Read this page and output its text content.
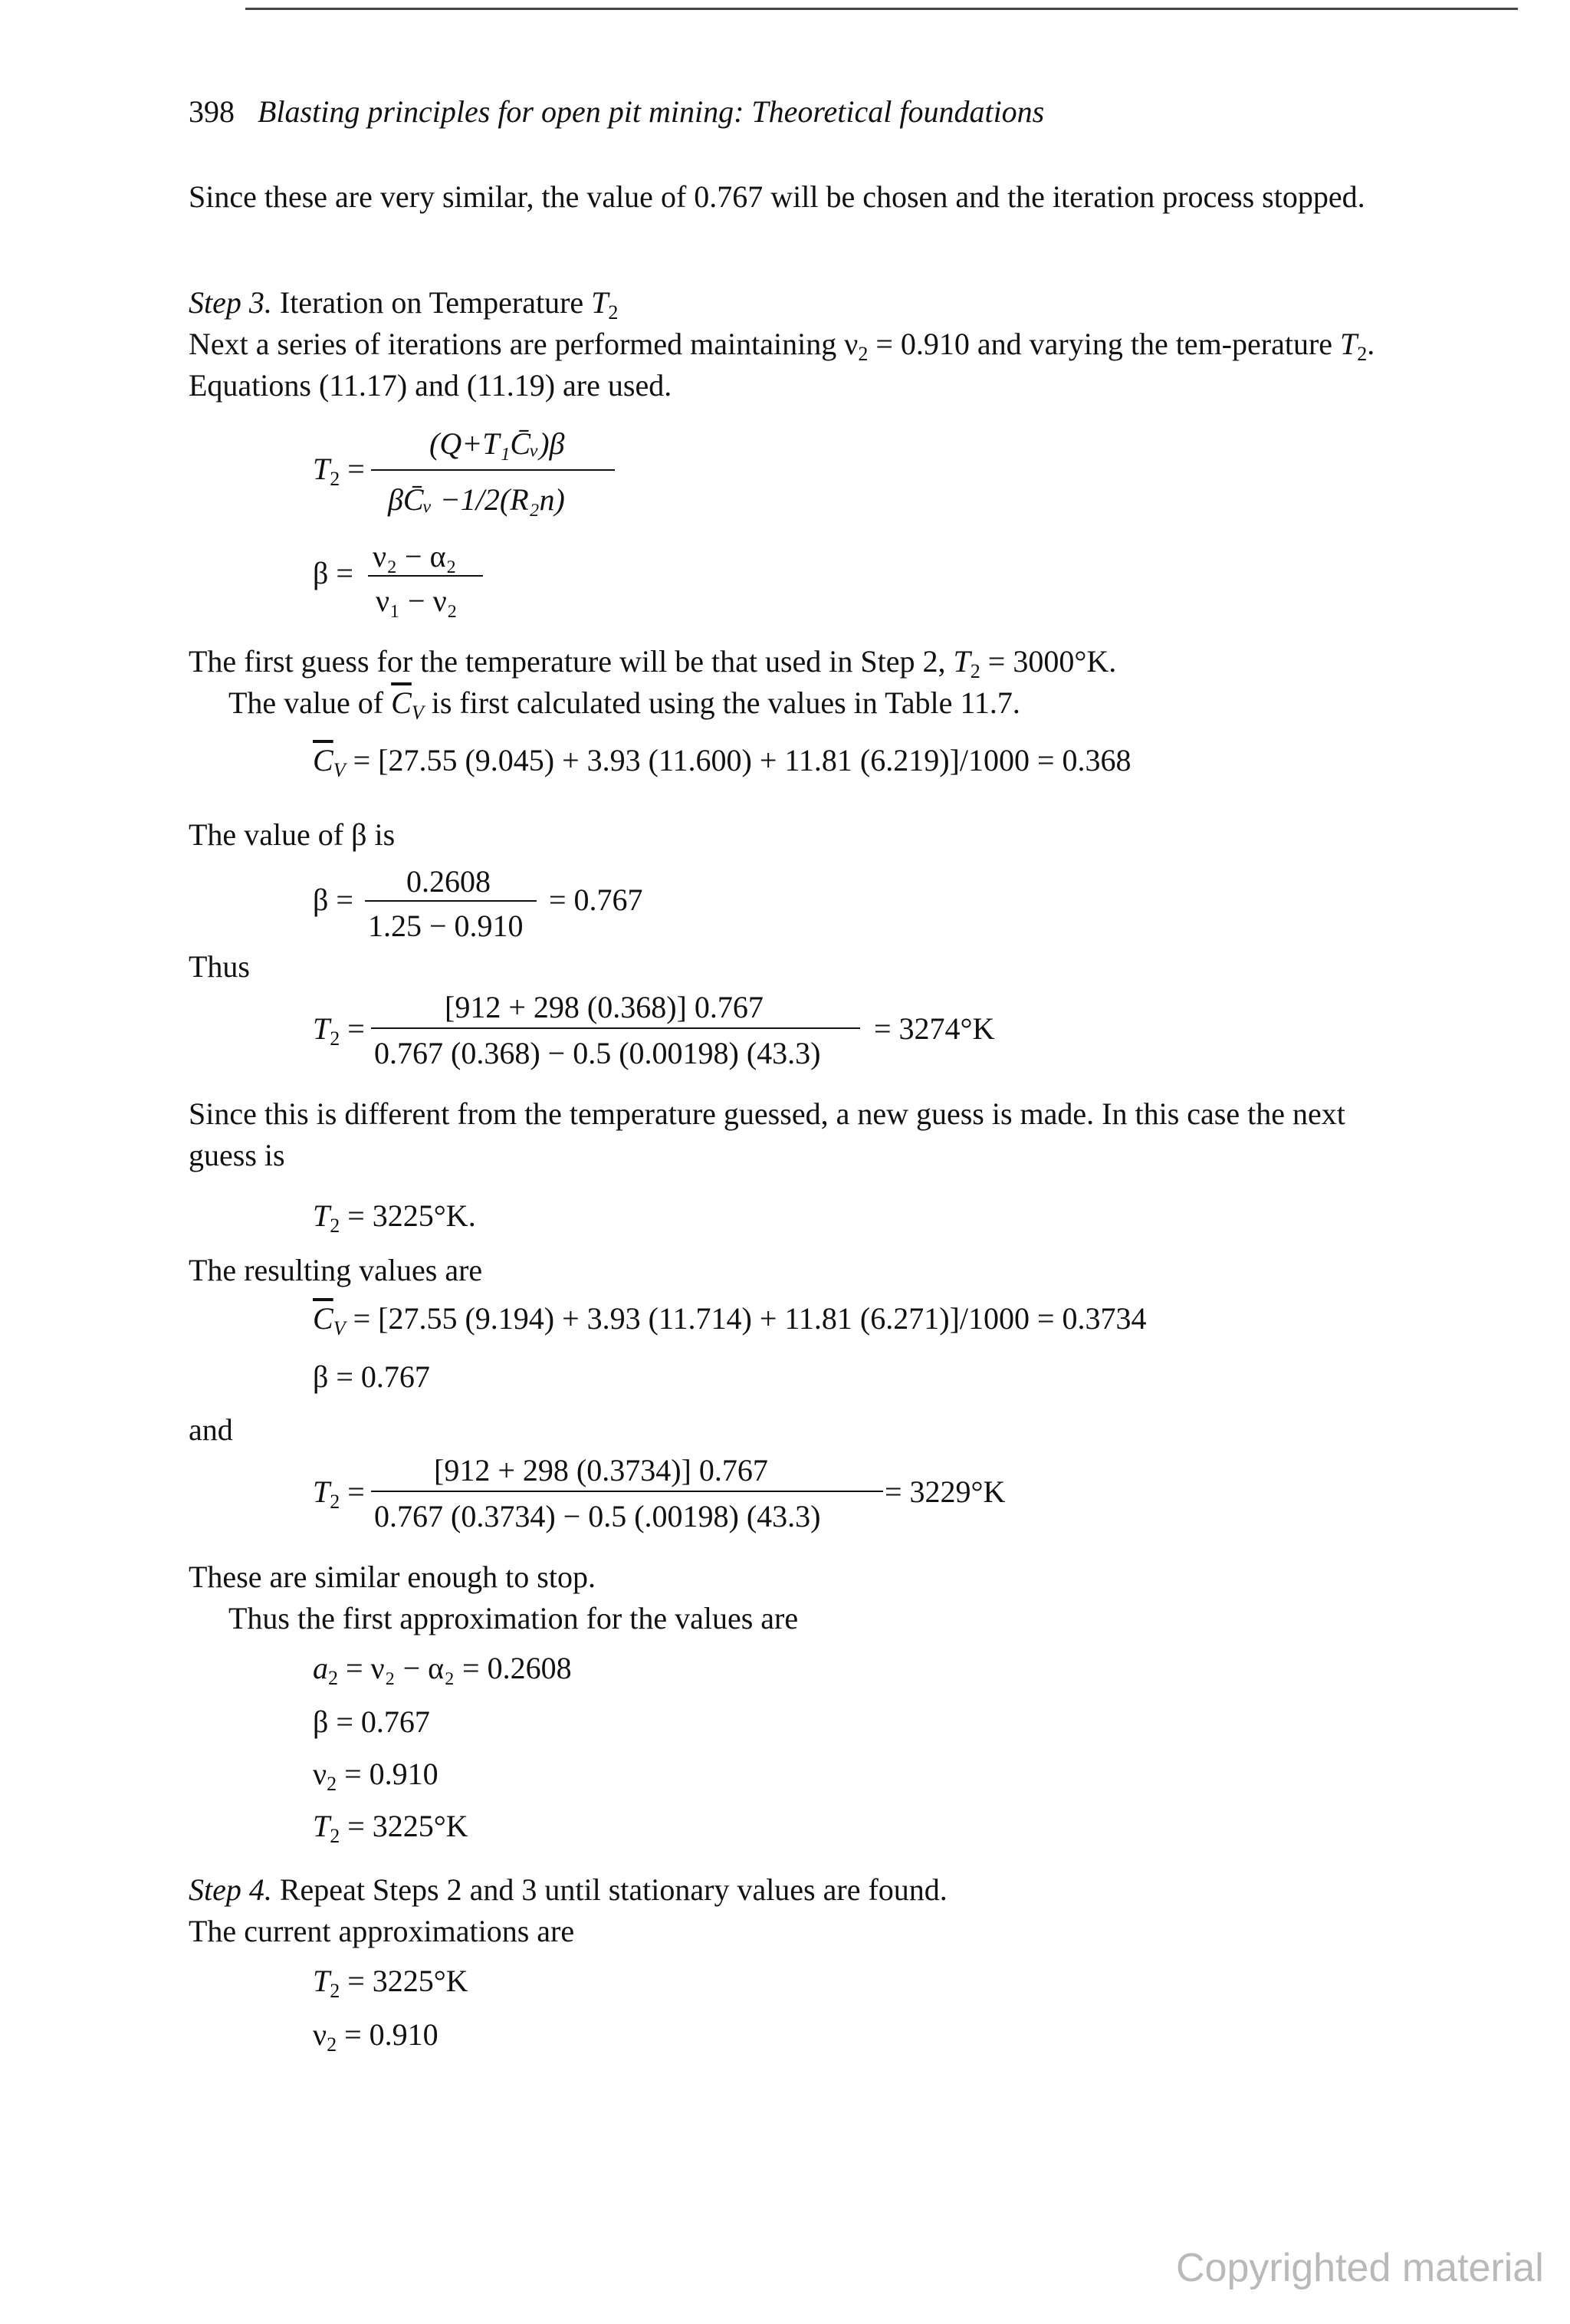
398 Blasting principles for open pit mining: Theoretical foundations
Since these are very similar, the value of 0.767 will be chosen and the iteration process stopped.
Step 3. Iteration on Temperature $T_2$
Next a series of iterations are performed maintaining $\nu_2 = 0.910$ and varying the tem-perature $T_2$. Equations (11.17) and (11.19) are used.
$T_2$ =
(Q+T₁C̄ᵥ)β
βC̄ᵥ −1/2(R₂n)
β = ν₂ − α₂
ν₁ − ν₂
The first guess for the temperature will be that used in Step 2, $T_2 = 3000^\circ K$.
The value of $\overline{C}_V$ is first calculated using the values in Table 11.7.
$\overline{C}_V = [27.55$ (9.045) + 3.93 (11.600) + 11.81 (6.219)]/1000 = 0.368
The value of β is
β =
0.2608
1.25 − 0.910
= 0.767
Thus
$T_2$ =
[912 + 298 (0.368)] 0.767
0.767 (0.368) − 0.5 (0.00198) (43.3)
= 3274°K
Since this is different from the temperature guessed, a new guess is made. In this case the next guess is
$T_2 = 3225^\circ K$.
The resulting values are
$\overline{C}_V = [27.55$ (9.194) + 3.93 (11.714) + 11.81 (6.271)]/1000 = 0.3734
β = 0.767
and
$T_2$ =
[912 + 298 (0.3734)] 0.767
0.767 (0.3734) − 0.5 (.00198) (43.3)
= 3229°K
These are similar enough to stop.
Thus the first approximation for the values are
$a_2 = \nu_2 - \alpha_2 = 0.2608$
β = 0.767
$\nu_2 = 0.910$
$T_2 = 3225^\circ K$
Step 4. Repeat Steps 2 and 3 until stationary values are found.
The current approximations are
$T_2 = 3225^\circ K$
$\nu_2 = 0.910$
Copyrighted material
